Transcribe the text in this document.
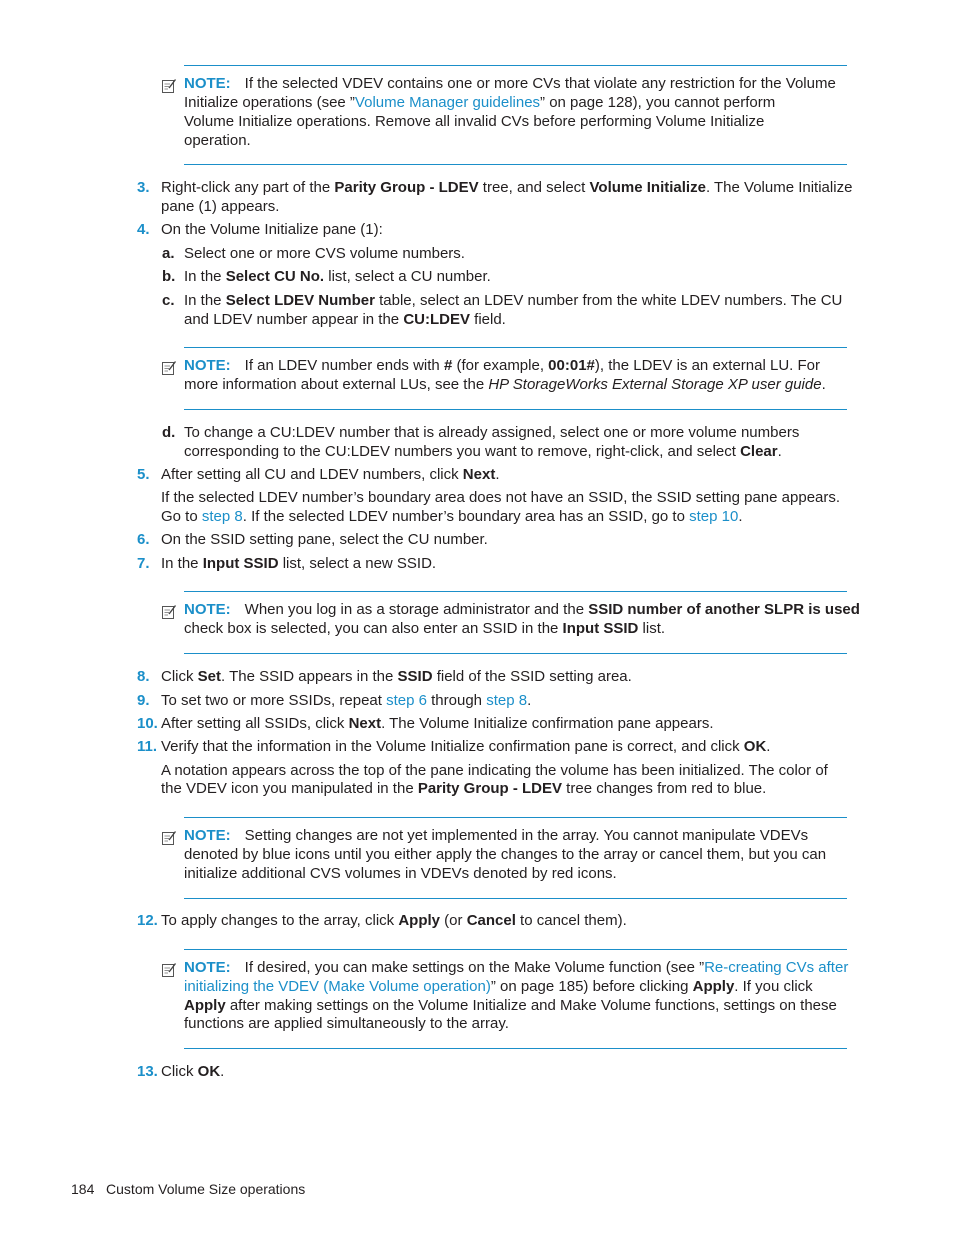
NOTE: If the selected VDEV contains one or more CVs that violate any restriction for the Volume
Initialize operations (see ”Volume Manager guidelines” on page 128), you cannot perform
Volume Initialize operations. Remove all invalid CVs before performing Volume Initialize
operation.
3. Right-click any part of the Parity Group - LDEV tree, and select Volume Initialize. The Volume Initialize
pane (1) appears.
4. On the Volume Initialize pane (1):
a. Select one or more CVS volume numbers.
b. In the Select CU No. list, select a CU number.
c. In the Select LDEV Number table, select an LDEV number from the white LDEV numbers. The CU
and LDEV number appear in the CU:LDEV field.
NOTE: If an LDEV number ends with # (for example, 00:01#), the LDEV is an external LU. For
more information about external LUs, see the HP StorageWorks External Storage XP user guide.
d. To change a CU:LDEV number that is already assigned, select one or more volume numbers
corresponding to the CU:LDEV numbers you want to remove, right-click, and select Clear.
5. After setting all CU and LDEV numbers, click Next.
If the selected LDEV number’s boundary area does not have an SSID, the SSID setting pane appears.
Go to step 8. If the selected LDEV number’s boundary area has an SSID, go to step 10.
6. On the SSID setting pane, select the CU number.
7. In the Input SSID list, select a new SSID.
NOTE: When you log in as a storage administrator and the SSID number of another SLPR is used
check box is selected, you can also enter an SSID in the Input SSID list.
8. Click Set. The SSID appears in the SSID field of the SSID setting area.
9. To set two or more SSIDs, repeat step 6 through step 8.
10. After setting all SSIDs, click Next. The Volume Initialize confirmation pane appears.
11. Verify that the information in the Volume Initialize confirmation pane is correct, and click OK.
A notation appears across the top of the pane indicating the volume has been initialized. The color of
the VDEV icon you manipulated in the Parity Group - LDEV tree changes from red to blue.
NOTE: Setting changes are not yet implemented in the array. You cannot manipulate VDEVs
denoted by blue icons until you either apply the changes to the array or cancel them, but you can
initialize additional CVS volumes in VDEVs denoted by red icons.
12. To apply changes to the array, click Apply (or Cancel to cancel them).
NOTE: If desired, you can make settings on the Make Volume function (see ”Re-creating CVs after
initializing the VDEV (Make Volume operation)” on page 185) before clicking Apply. If you click
Apply after making settings on the Volume Initialize and Make Volume functions, settings on these
functions are applied simultaneously to the array.
13. Click OK.
184 Custom Volume Size operations
